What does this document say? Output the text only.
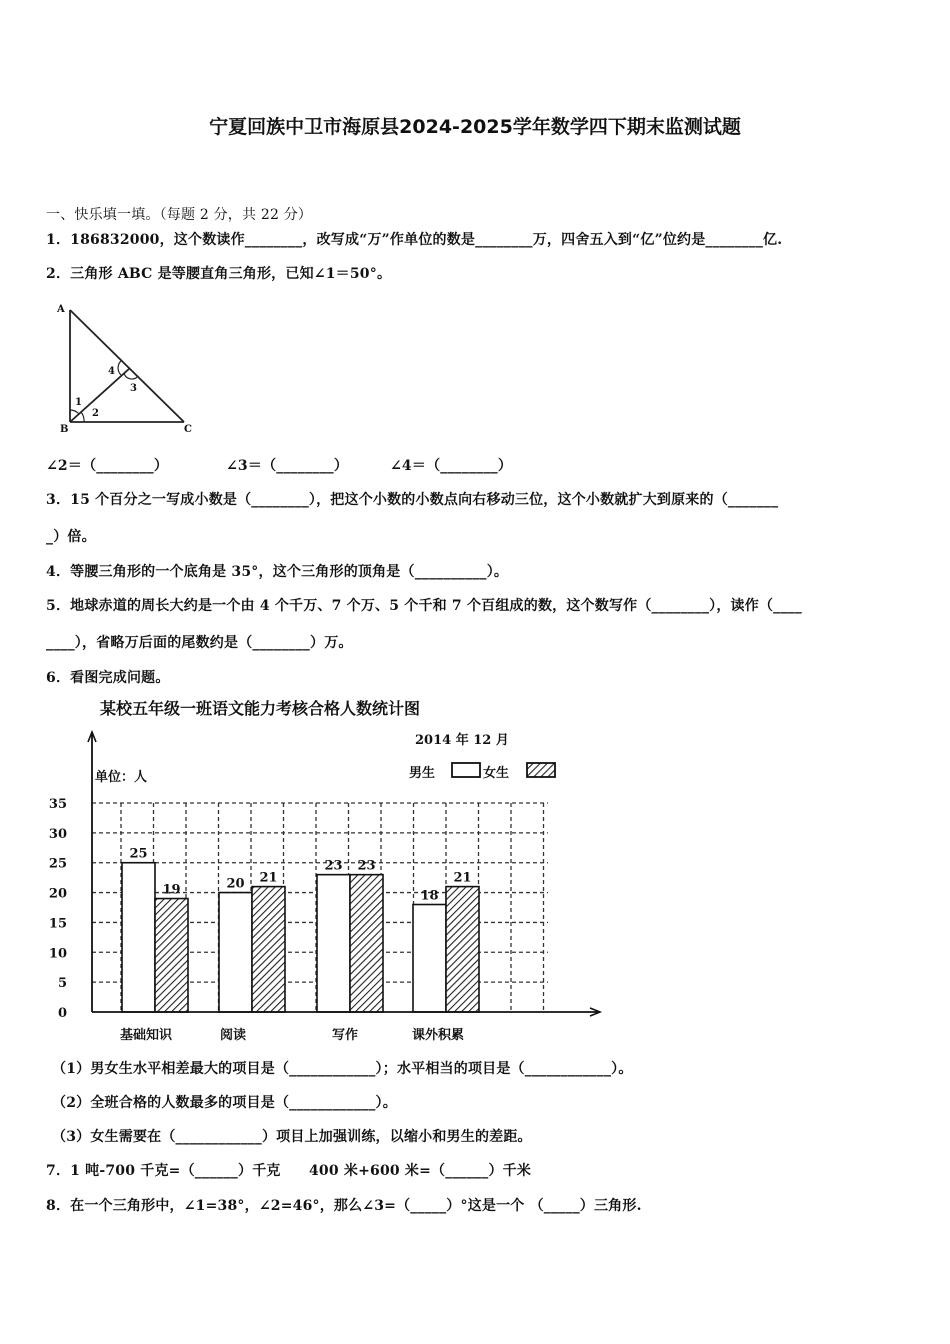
宁夏回族中卫市海原县2024-2025学年数学四下期末监测试题
一、快乐填一填。（每题 2 分，共 22 分）
1．186832000，这个数读作________，改写成“万”作单位的数是________万，四舍五入到“亿”位约是________亿.
2．三角形 ABC 是等腰直角三角形，已知∠1＝50°。
A
B	C
1
2
3
4
∠2＝（________）	∠3＝（________）	∠4＝（________）
3．15 个百分之一写成小数是（________），把这个小数的小数点向右移动三位，这个小数就扩大到原来的（_______
_）倍。
4．等腰三角形的一个底角是 35°，这个三角形的顶角是（__________）。
5．地球赤道的周长大约是一个由 4 个千万、7 个万、5 个千和 7 个百组成的数，这个数写作（________），读作（____
____），省略万后面的尾数约是（________）万。
6．看图完成问题。
某校五年级一班语文能力考核合格人数统计图
2014 年 12 月
单位：人	男生	女生
25
19	20 21
23 23
18
21
0
5
10
15
20
25
30
35
基础知识	阅读	写作	课外积累
（1）男女生水平相差最大的项目是（____________）；水平相当的项目是（____________）。
（2）全班合格的人数最多的项目是（____________）。
（3）女生需要在（____________）项目上加强训练，以缩小和男生的差距。
7．1 吨-700 千克=（______）千克　　400 米+600 米=（______）千米
8．在一个三角形中，∠1=38°，∠2=46°，那么∠3=（_____）°这是一个 （_____）三角形.
